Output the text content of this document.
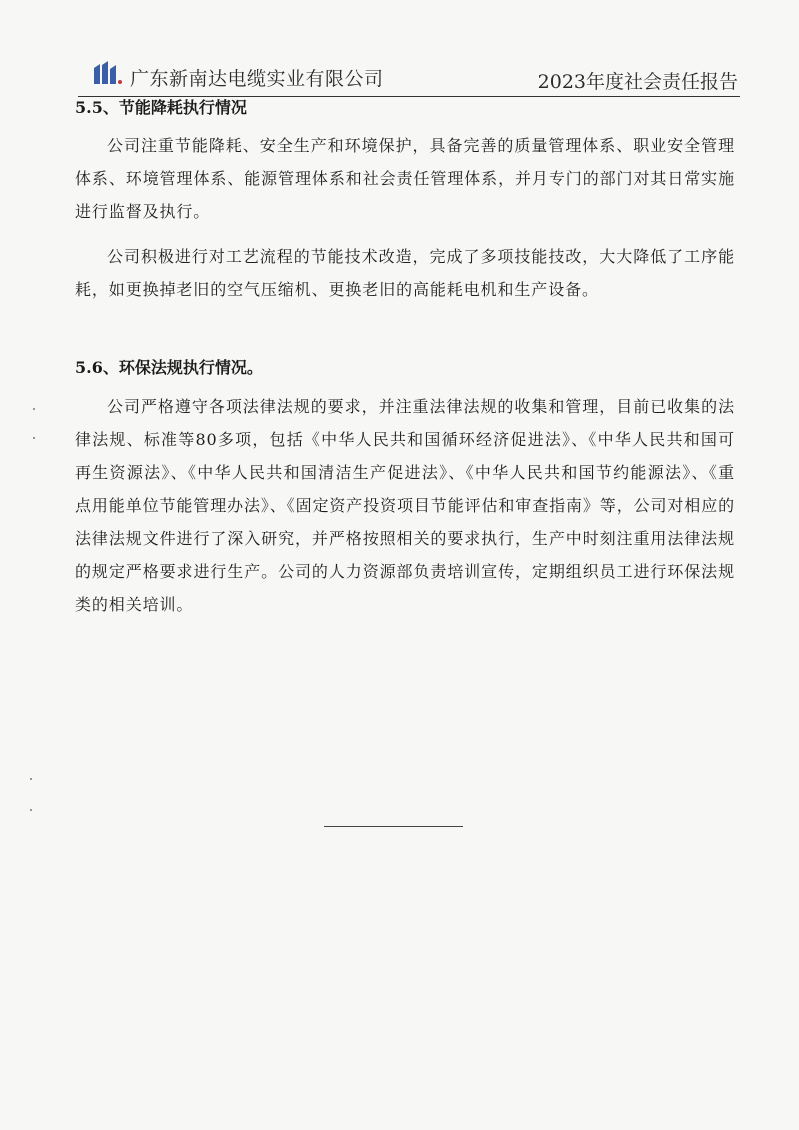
广东新南达电缆实业有限公司	2023年度社会责任报告
5.5、节能降耗执行情况

公司注重节能降耗、安全生产和环境保护，具备完善的质量管理体系、职业安全管理体系、环境管理体系、能源管理体系和社会责任管理体系，并月专门的部门对其日常实施进行监督及执行。

公司积极进行对工艺流程的节能技术改造，完成了多项技能技改，大大降低了工序能耗，如更换掉老旧的空气压缩机、更换老旧的高能耗电机和生产设备。

5.6、环保法规执行情况。

公司严格遵守各项法律法规的要求，并注重法律法规的收集和管理，目前已收集的法律法规、标准等80多项，包括《中华人民共和国循环经济促进法》、《中华人民共和国可再生资源法》、《中华人民共和国清洁生产促进法》、《中华人民共和国节约能源法》、《重点用能单位节能管理办法》、《固定资产投资项目节能评估和审查指南》等，公司对相应的法律法规文件进行了深入研究，并严格按照相关的要求执行，生产中时刻注重用法律法规的规定严格要求进行生产。公司的人力资源部负责培训宣传，定期组织员工进行环保法规类的相关培训。
